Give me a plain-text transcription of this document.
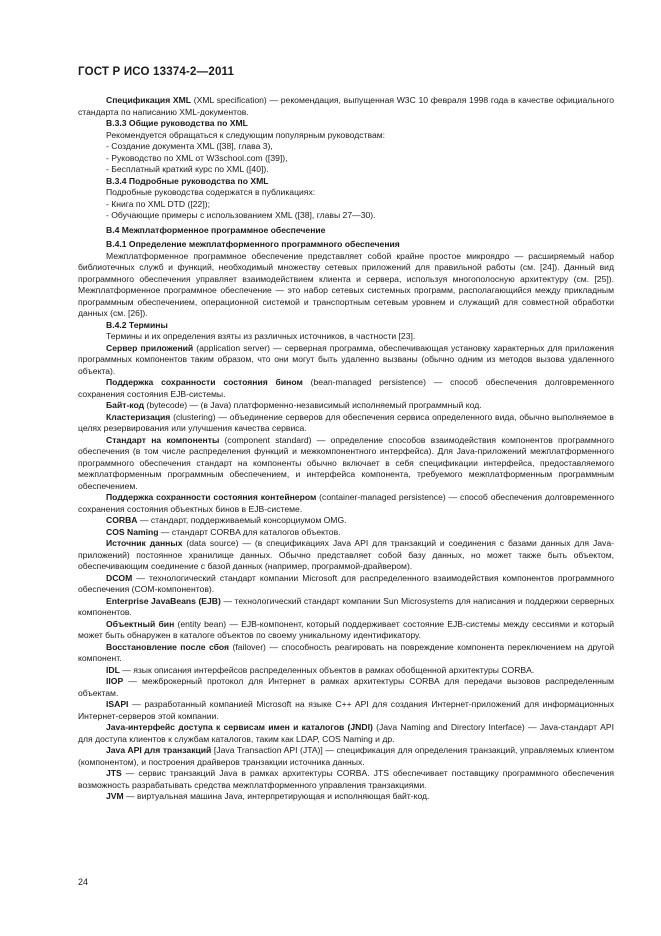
ГОСТ Р ИСО 13374-2—2011

Спецификация XML (XML specification) — рекомендация, выпущенная W3C 10 февраля 1998 года в качестве официального стандарта по написанию XML-документов.

B.3.3 Общие руководства по XML

Рекомендуется обращаться к следующим популярным руководствам:

- Создание документа XML ([38], глава 3),

- Руководство по XML от W3school.com ([39]),

- Бесплатный краткий курс по XML ([40]).

B.3.4 Подробные руководства по XML

Подробные руководства содержатся в публикациях:

- Книга по XML DTD ([22]);

- Обучающие примеры с использованием XML ([38], главы 27—30).

B.4 Межплатформенное программное обеспечение

B.4.1 Определение межплатформенного программного обеспечения

Межплатформенное программное обеспечение представляет собой крайне простое микроядро — расширяемый набор библиотечных служб и функций, необходимый множеству сетевых приложений для правильной работы (см. [24]). Данный вид программного обеспечения управляет взаимодействием клиента и сервера, используя многополосную архитектуру (см. [25]). Межплатформенное программное обеспечение — это набор сетевых системных программ, располагающийся между прикладным программным обеспечением, операционной системой и транспортным сетевым уровнем и служащий для совместной обработки данных (см. [26]).

B.4.2 Термины

Термины и их определения взяты из различных источников, в частности [23].

Сервер приложений (application server) — серверная программа, обеспечивающая установку характерных для приложения программных компонентов таким образом, что они могут быть удаленно вызваны (обычно одним из методов вызова удаленного объекта).

Поддержка сохранности состояния бином (bean-managed persistence) — способ обеспечения долговременного сохранения состояния EJB-системы.

Байт-код (bytecode) — (в Java) платформенно-независимый исполняемый программный код.

Кластеризация (clustering) — объединение серверов для обеспечения сервиса определенного вида, обычно выполняемое в целях резервирования или улучшения качества сервиса.

Стандарт на компоненты (component standard) — определение способов взаимодействия компонентов программного обеспечения (в том числе распределения функций и межкомпонентного интерфейса). Для Java-приложений межплатформенного программного обеспечения стандарт на компоненты обычно включает в себя спецификации интерфейса, предоставляемого межплатформенным программным обеспечением, и интерфейса компонента, требуемого межплатформенным программным обеспечением.

Поддержка сохранности состояния контейнером (container-managed persistence) — способ обеспечения долговременного сохранения состояния объектных бинов в EJB-системе.

CORBA — стандарт, поддерживаемый консорциумом OMG.

COS Naming — стандарт CORBA для каталогов объектов.

Источник данных (data source) — (в спецификациях Java API для транзакций и соединения с базами данных для Java-приложений) постоянное хранилище данных. Обычно представляет собой базу данных, но может также быть объектом, обеспечивающим соединение с базой данных (например, программой-драйвером).

DCOM — технологический стандарт компании Microsoft для распределенного взаимодействия компонентов программного обеспечения (COM-компонентов).

Enterprise JavaBeans (EJB) — технологический стандарт компании Sun Microsystems для написания и поддержки серверных компонентов.

Объектный бин (entity bean) — EJB-компонент, который поддерживает состояние EJB-системы между сессиями и который может быть обнаружен в каталоге объектов по своему уникальному идентификатору.

Восстановление после сбоя (failover) — способность реагировать на повреждение компонента переключением на другой компонент.

IDL — язык описания интерфейсов распределенных объектов в рамках обобщенной архитектуры CORBA.

IIOP — межброкерный протокол для Интернет в рамках архитектуры CORBA для передачи вызовов распределенным объектам.

ISAPI — разработанный компанией Microsoft на языке C++ API для создания Интернет-приложений для информационных Интернет-серверов этой компании.

Java-интерфейс доступа к сервисам имен и каталогов (JNDI) (Java Naming and Directory Interface) — Java-стандарт API для доступа клиентов к службам каталогов, таким как LDAP, COS Naming и др.

Java API для транзакций [Java Transaction API (JTA)] — спецификация для определения транзакций, управляемых клиентом (компонентом), и построения драйверов транзакции источника данных.

JTS — сервис транзакций Java в рамках архитектуры CORBA. JTS обеспечивает поставщику программного обеспечения возможность разрабатывать средства межплатформенного управления транзакциями.

JVM — виртуальная машина Java, интерпретирующая и исполняющая байт-код.

24
